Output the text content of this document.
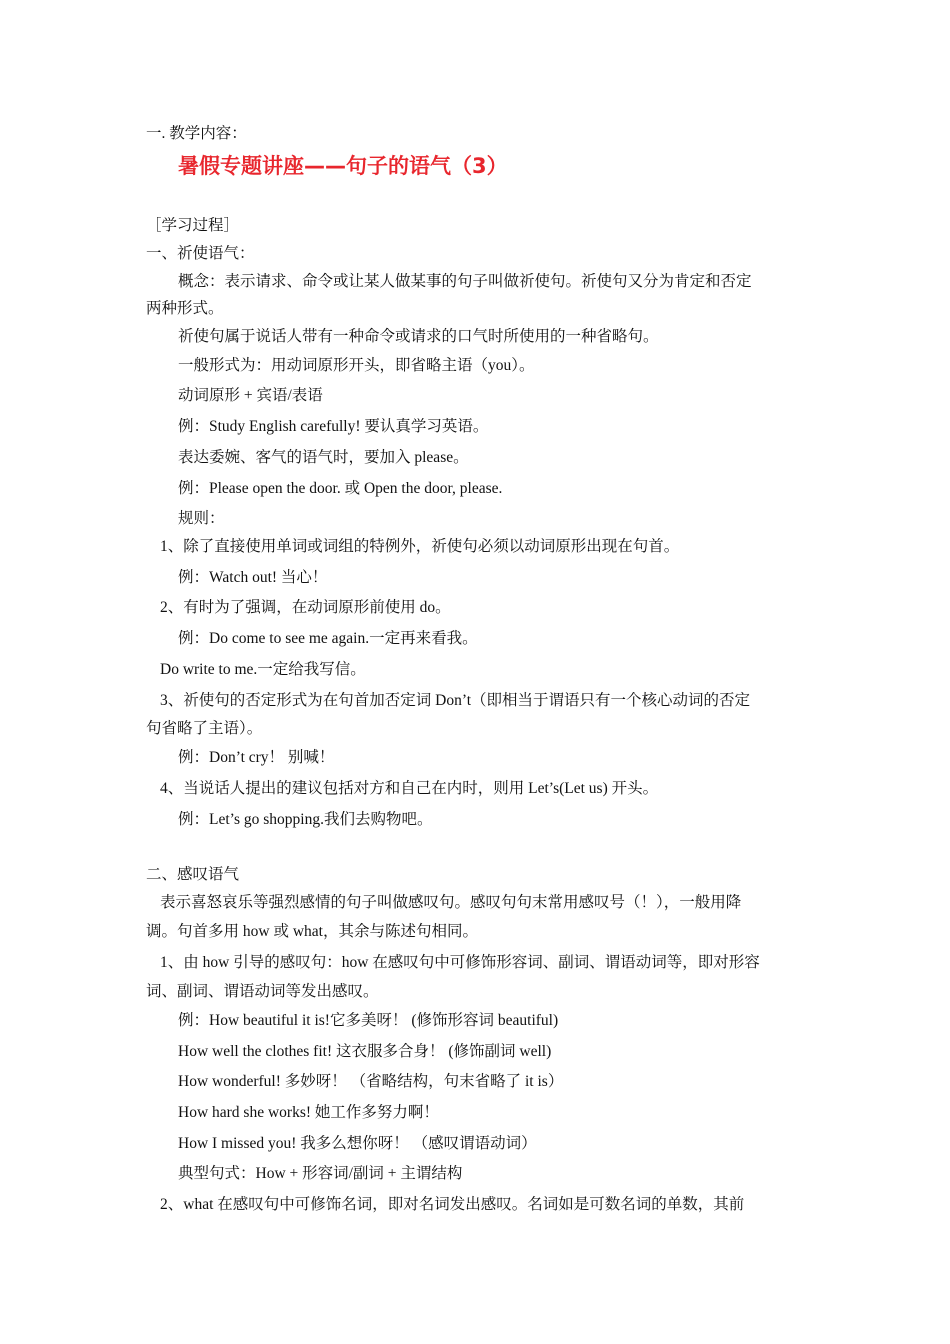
一. 教学内容：
暑假专题讲座——句子的语气（3）
［学习过程］
一、祈使语气：
概念：表示请求、命令或让某人做某事的句子叫做祈使句。祈使句又分为肯定和否定
两种形式。
祈使句属于说话人带有一种命令或请求的口气时所使用的一种省略句。
一般形式为：用动词原形开头，即省略主语（you）。
动词原形 + 宾语/表语
例：Study English carefully! 要认真学习英语。
表达委婉、客气的语气时，要加入 please。
例：Please open the door. 或 Open the door, please.
规则：
1、除了直接使用单词或词组的特例外，祈使句必须以动词原形出现在句首。
例：Watch out! 当心！
2、有时为了强调，在动词原形前使用 do。
例：Do come to see me again.一定再来看我。
Do write to me.一定给我写信。
3、祈使句的否定形式为在句首加否定词 Don’t（即相当于谓语只有一个核心动词的否定
句省略了主语）。
例：Don’t cry！ 别喊！
4、当说话人提出的建议包括对方和自己在内时，则用 Let’s(Let us) 开头。
例：Let’s go shopping.我们去购物吧。
二、感叹语气
表示喜怒哀乐等强烈感情的句子叫做感叹句。感叹句句末常用感叹号（！），一般用降
调。句首多用 how 或 what，其余与陈述句相同。
1、由 how 引导的感叹句：how 在感叹句中可修饰形容词、副词、谓语动词等，即对形容
词、副词、谓语动词等发出感叹。
例：How beautiful it is!它多美呀！ (修饰形容词 beautiful)
How well the clothes fit! 这衣服多合身！ (修饰副词 well)
How wonderful! 多妙呀！ （省略结构，句末省略了 it is）
How hard she works! 她工作多努力啊！
How I missed you! 我多么想你呀！ （感叹谓语动词）
典型句式：How + 形容词/副词 + 主谓结构
2、what 在感叹句中可修饰名词，即对名词发出感叹。名词如是可数名词的单数，其前
